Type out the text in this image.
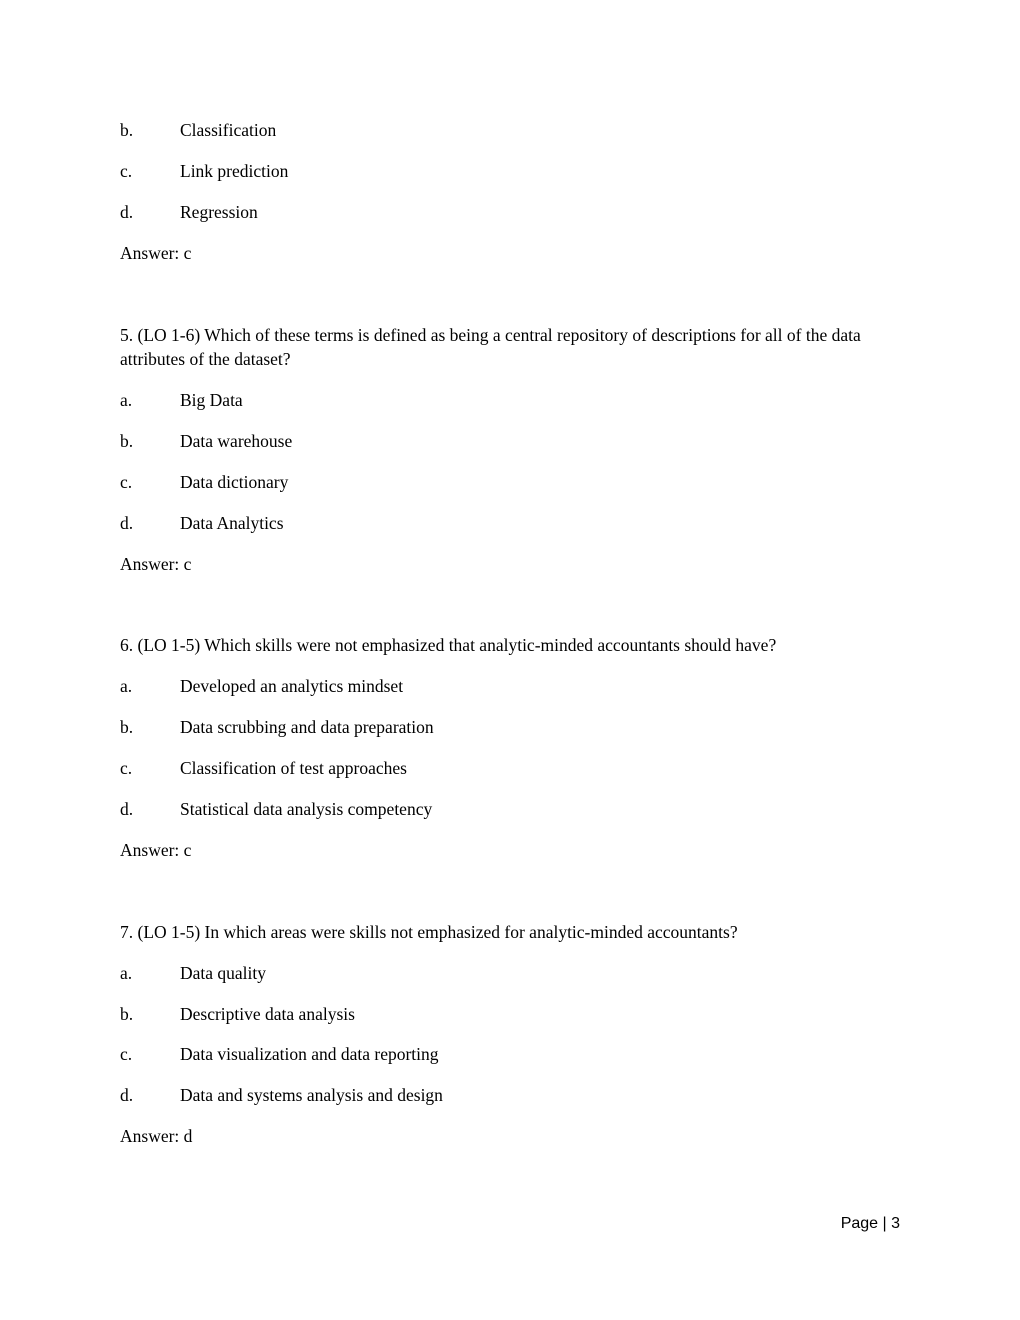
b.	Classification
c.	Link prediction
d.	Regression
Answer: c
5. (LO 1-6) Which of these terms is defined as being a central repository of descriptions for all of the data attributes of the dataset?
a.	Big Data
b.	Data warehouse
c.	Data dictionary
d.	Data Analytics
Answer: c
6. (LO 1-5) Which skills were not emphasized that analytic-minded accountants should have?
a.	Developed an analytics mindset
b.	Data scrubbing and data preparation
c.	Classification of test approaches
d.	Statistical data analysis competency
Answer: c
7. (LO 1-5) In which areas were skills not emphasized for analytic-minded accountants?
a.	Data quality
b.	Descriptive data analysis
c.	Data visualization and data reporting
d.	Data and systems analysis and design
Answer: d
Page | 3
